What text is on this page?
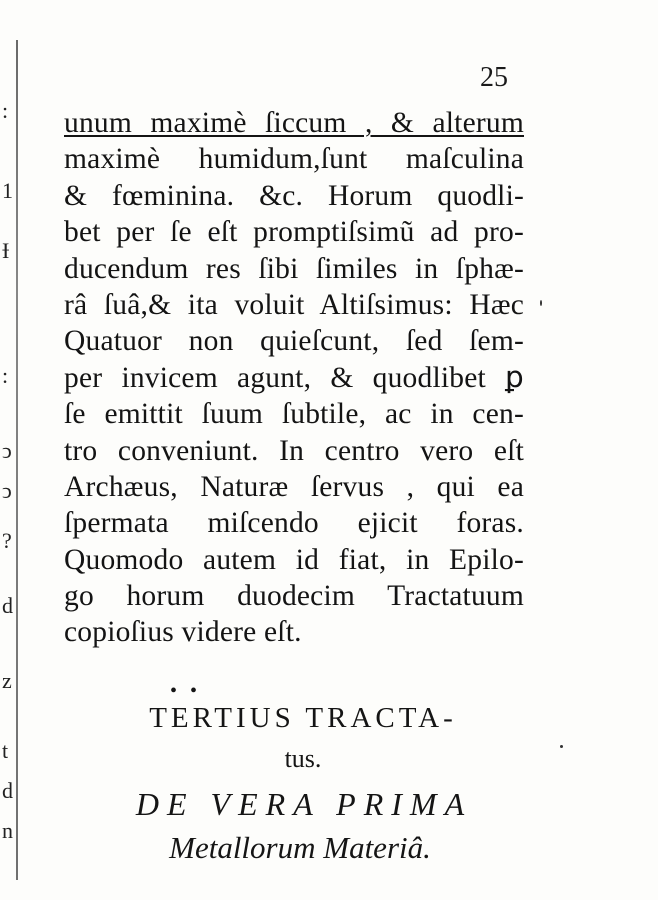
:
1
Ɨ
:
ↄ
ↄ
?
d
z
t
d
n
25
unum maximè ſiccum , & alterum
maximè humidum,ſunt maſculina
& fœminina. &c. Horum quodli-
bet per ſe eſt promptiſsimũ ad pro-
ducendum res ſibi ſimiles in ſphæ-
râ ſuâ,& ita voluit Altiſsimus: Hæc
Quatuor non quieſcunt, ſed ſem-
per invicem agunt, & quodlibet ꝑ
ſe emittit ſuum ſubtile, ac in cen-
tro conveniunt. In centro vero eſt
Archæus, Naturæ ſervus , qui ea
ſpermata miſcendo ejicit foras.
Quomodo autem id fiat, in Epilo-
go horum duodecim Tractatuum
copioſius videre eſt.
• •
TERTIUS TRACTA-
tus.
DE VERA PRIMA
Metallorum Materiâ.
